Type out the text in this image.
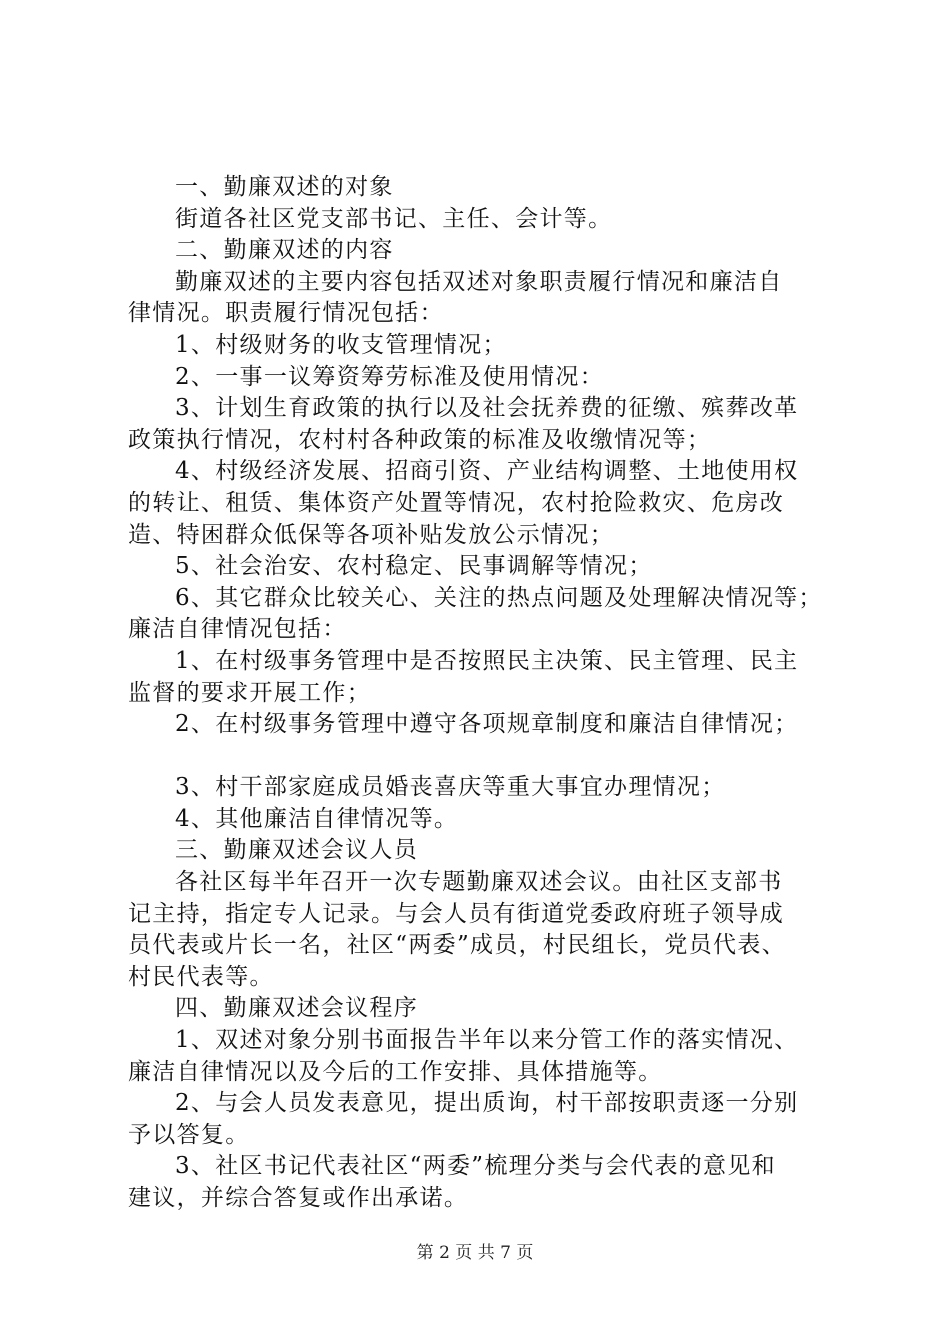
一、勤廉双述的对象
街道各社区党支部书记、主任、会计等。
二、勤廉双述的内容
勤廉双述的主要内容包括双述对象职责履行情况和廉洁自
律情况。职责履行情况包括：
1、村级财务的收支管理情况；
2、一事一议筹资筹劳标准及使用情况：
3、计划生育政策的执行以及社会抚养费的征缴、殡葬改革
政策执行情况，农村村各种政策的标准及收缴情况等；
4、村级经济发展、招商引资、产业结构调整、土地使用权
的转让、租赁、集体资产处置等情况，农村抢险救灾、危房改
造、特困群众低保等各项补贴发放公示情况；
5、社会治安、农村稳定、民事调解等情况；
6、其它群众比较关心、关注的热点问题及处理解决情况等；
廉洁自律情况包括：
1、在村级事务管理中是否按照民主决策、民主管理、民主
监督的要求开展工作；
2、在村级事务管理中遵守各项规章制度和廉洁自律情况；
3、村干部家庭成员婚丧喜庆等重大事宜办理情况；
4、其他廉洁自律情况等。
三、勤廉双述会议人员
各社区每半年召开一次专题勤廉双述会议。由社区支部书
记主持，指定专人记录。与会人员有街道党委政府班子领导成
员代表或片长一名，社区“两委”成员，村民组长，党员代表、
村民代表等。
四、勤廉双述会议程序
1、双述对象分别书面报告半年以来分管工作的落实情况、
廉洁自律情况以及今后的工作安排、具体措施等。
2、与会人员发表意见，提出质询，村干部按职责逐一分别
予以答复。
3、社区书记代表社区“两委”梳理分类与会代表的意见和
建议，并综合答复或作出承诺。
第 2 页 共 7 页
